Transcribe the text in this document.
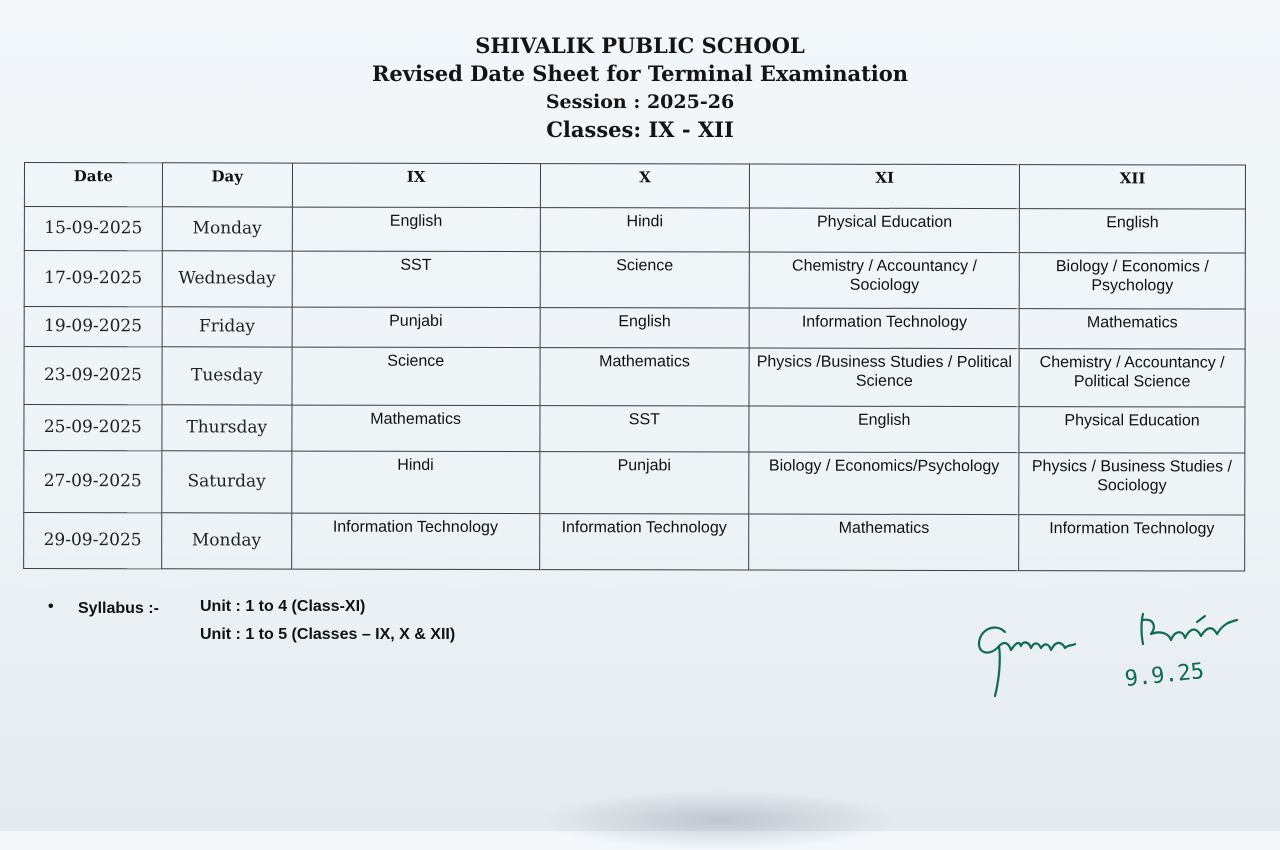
SHIVALIK PUBLIC SCHOOL
Revised Date Sheet for Terminal Examination
Session : 2025-26
Classes: IX - XII
Date	Day	IX	X	XI	XII
15-09-2025	Monday	English	Hindi	Physical Education	English
17-09-2025	Wednesday	SST	Science	Chemistry / Accountancy / Sociology	Biology / Economics / Psychology
19-09-2025	Friday	Punjabi	English	Information Technology	Mathematics
23-09-2025	Tuesday	Science	Mathematics	Physics /Business Studies / Political Science	Chemistry / Accountancy / Political Science
25-09-2025	Thursday	Mathematics	SST	English	Physical Education
27-09-2025	Saturday	Hindi	Punjabi	Biology / Economics/Psychology	Physics / Business Studies / Sociology
29-09-2025	Monday	Information Technology	Information Technology	Mathematics	Information Technology
• Syllabus :-	Unit : 1 to 4 (Class-XI)
Unit : 1 to 5 (Classes – IX, X & XII)
9.9.25
